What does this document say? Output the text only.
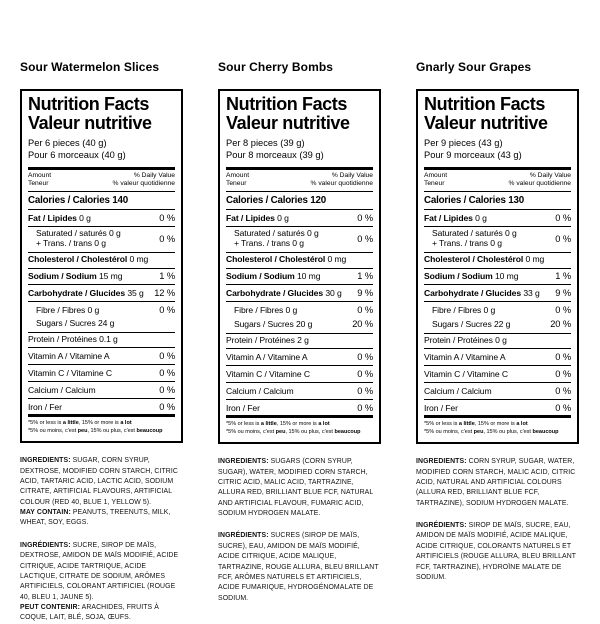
Sour Watermelon Slices
Nutrition Facts
Valeur nutritive
Per 6 pieces (40 g)
Pour 6 morceaux (40 g)
Amount
Teneur
% Daily Value
% valeur quotidienne
Calories / Calories 140
Fat / Lipides 0 g	0 %
Saturated / saturés 0 g
+ Trans. / trans 0 g	0 %
Cholesterol / Cholestérol 0 mg
Sodium / Sodium 15 mg	1 %
Carbohydrate / Glucides 35 g	12 %
Fibre / Fibres 0 g	0 %
Sugars / Sucres 24 g
Protein / Protéines 0.1 g
Vitamin A / Vitamine A	0 %
Vitamin C / Vitamine C	0 %
Calcium / Calcium	0 %
Iron / Fer	0 %
*5% or less is a little, 15% or more is a lot
*5% ou moins, c'est peu, 15% ou plus, c'est beaucoup
INGREDIENTS: SUGAR, CORN SYRUP, DEXTROSE, MODIFIED CORN STARCH, CITRIC ACID, TARTARIC ACID, LACTIC ACID, SODIUM CITRATE, ARTIFICIAL FLAVOURS, ARTIFICIAL COLOUR (RED 40, BLUE 1, YELLOW 5).
MAY CONTAIN: PEANUTS, TREENUTS, MILK, WHEAT, SOY, EGGS.
INGRÉDIENTS: SUCRE, SIROP DE MAÏS, DEXTROSE, AMIDON DE MAÏS MODIFIÉ, ACIDE CITRIQUE, ACIDE TARTRIQUE, ACIDE LACTIQUE, CITRATE DE SODIUM, ARÔMES ARTIFICIELS, COLORANT ARTIFICIEL (ROUGE 40, BLEU 1, JAUNE 5).
PEUT CONTENIR: ARACHIDES, FRUITS À COQUE, LAIT, BLÉ, SOJA, ŒUFS.
Sour Cherry Bombs
Nutrition Facts
Valeur nutritive
Per 8 pieces (39 g)
Pour 8 morceaux (39 g)
Amount
Teneur
% Daily Value
% valeur quotidienne
Calories / Calories 120
Fat / Lipides 0 g	0 %
Saturated / saturés 0 g
+ Trans. / trans 0 g	0 %
Cholesterol / Cholestérol 0 mg
Sodium / Sodium 10 mg	1 %
Carbohydrate / Glucides 30 g	9 %
Fibre / Fibres 0 g	0 %
Sugars / Sucres 20 g	20 %
Protein / Protéines 2 g
Vitamin A / Vitamine A	0 %
Vitamin C / Vitamine C	0 %
Calcium / Calcium	0 %
Iron / Fer	0 %
*5% or less is a little, 15% or more is a lot
*5% ou moins, c'est peu, 15% ou plus, c'est beaucoup
INGREDIENTS: SUGARS (CORN SYRUP, SUGAR), WATER, MODIFIED CORN STARCH, CITRIC ACID, MALIC ACID, TARTRAZINE, ALLURA RED, BRILLIANT BLUE FCF, NATURAL AND ARTIFICIAL FLAVOUR, FUMARIC ACID, SODIUM HYDROGEN MALATE.
INGRÉDIENTS: SUCRES (SIROP DE MAÏS, SUCRE), EAU, AMIDON DE MAÏS MODIFIÉ, ACIDE CITRIQUE, ACIDE MALIQUE, TARTRAZINE, ROUGE ALLURA, BLEU BRILLANT FCF, ARÔMES NATURELS ET ARTIFICIELS, ACIDE FUMARIQUE, HYDROGÉNOMALATE DE SODIUM.
Gnarly Sour Grapes
Nutrition Facts
Valeur nutritive
Per 9 pieces (43 g)
Pour 9 morceaux (43 g)
Amount
Teneur
% Daily Value
% valeur quotidienne
Calories / Calories 130
Fat / Lipides 0 g	0 %
Saturated / saturés 0 g
+ Trans. / trans 0 g	0 %
Cholesterol / Cholestérol 0 mg
Sodium / Sodium 10 mg	1 %
Carbohydrate / Glucides 33 g	9 %
Fibre / Fibres 0 g	0 %
Sugars / Sucres 22 g	20 %
Protein / Protéines 0 g
Vitamin A / Vitamine A	0 %
Vitamin C / Vitamine C	0 %
Calcium / Calcium	0 %
Iron / Fer	0 %
*5% or less is a little, 15% or more is a lot
*5% ou moins, c'est peu, 15% ou plus, c'est beaucoup
INGREDIENTS: CORN SYRUP, SUGAR, WATER, MODIFIED CORN STARCH, MALIC ACID, CITRIC ACID, NATURAL AND ARTIFICIAL COLOURS (ALLURA RED, BRILLIANT BLUE FCF, TARTRAZINE), SODIUM HYDROGEN MALATE.
INGRÉDIENTS: SIROP DE MAÏS, SUCRE, EAU, AMIDON DE MAÏS MODIFIÉ, ACIDE MALIQUE, ACIDE CITRIQUE, COLORANTS NATURELS ET ARTIFICIELS (ROUGE ALLURA, BLEU BRILLANT FCF, TARTRAZINE), HYDROÏNE MALATE DE SODIUM.
